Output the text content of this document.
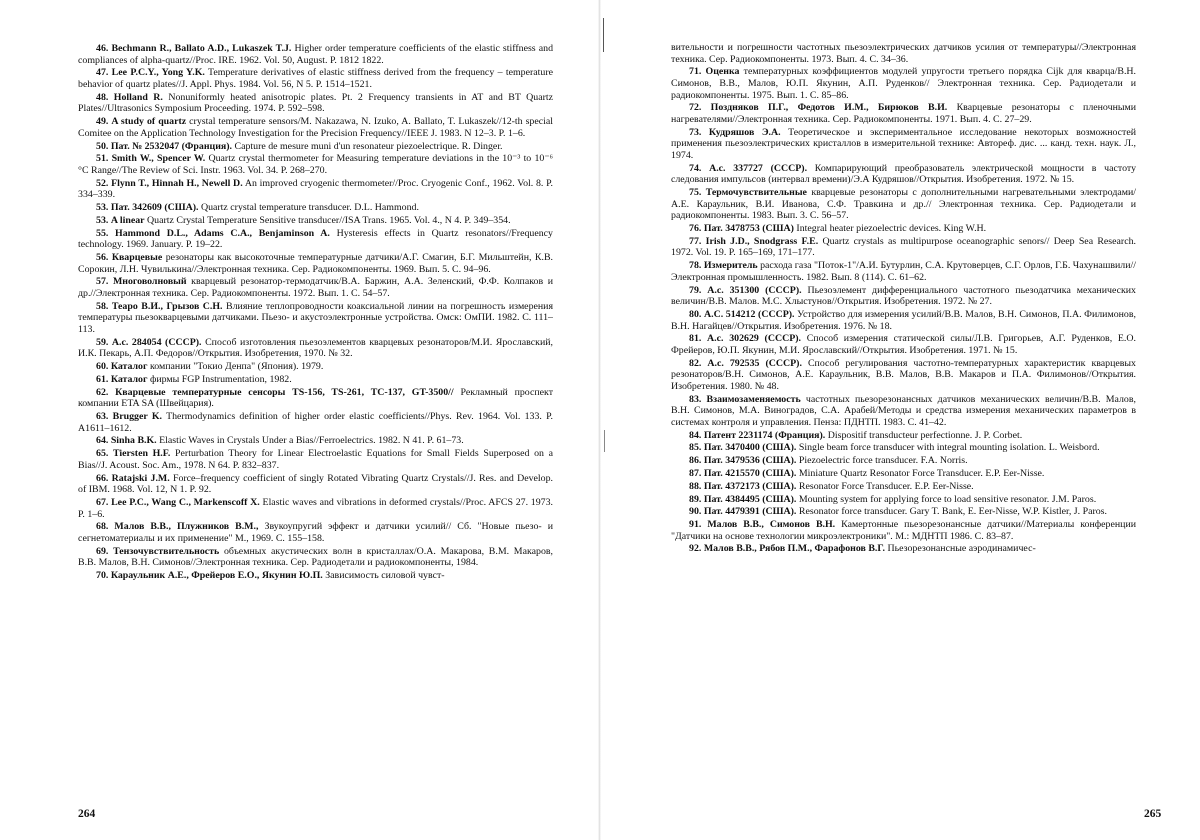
46. Bechmann R., Ballato A.D., Lukaszek T.J. Higher order temperature coefficients of the elastic stiffness and compliances of alpha-quartz//Proc. IRE. 1962. Vol. 50, August. P. 1812 1822.
47. Lee P.C.Y., Yong Y.K. Temperature derivatives of elastic stiffness derived from the frequency – temperature behavior of quartz plates//J. Appl. Phys. 1984. Vol. 56, N 5. P. 1514–1521.
48. Holland R. Nonuniformly heated anisotropic plates. Pt. 2 Frequency transients in AT and BT Quartz Plates//Ultrasonics Symposium Proceeding. 1974. P. 592–598.
49. A study of quartz crystal temperature sensors/M. Nakazawa, N. Izuko, A. Ballato, T. Lukaszek//12-th special Comitee on the Application Technology Investigation for the Precision Frequency//IEEE J. 1983. N 12–3. P. 1–6.
50. Пат. № 2532047 (Франция). Capture de mesure muni d'un resonateur piezoelectrique. R. Dinger.
51. Smith W., Spencer W. Quartz crystal thermometer for Measuring temperature deviations in the 10⁻³ to 10⁻⁶ °C Range//The Review of Sci. Instr. 1963. Vol. 34. P. 268–270.
52. Flynn T., Hinnah H., Newell D. An improved cryogenic thermometer//Proc. Cryogenic Conf., 1962. Vol. 8. P. 334–339.
53. Пат. 342609 (США). Quartz crystal temperature transducer. D.L. Hammond.
53. A linear Quartz Crystal Temperature Sensitive transducer//ISA Trans. 1965. Vol. 4., N 4. P. 349–354.
55. Hammond D.L., Adams C.A., Benjaminson A. Hysteresis effects in Quartz resonators//Frequency technology. 1969. January. P. 19–22.
56. Кварцевые резонаторы как высокоточные температурные датчики/А.Г. Смагин, Б.Г. Мильштейн, К.В. Сорокин, Л.Н. Чувилькина//Электронная техника. Сер. Радиокомпоненты. 1969. Вып. 5. С. 94–96.
57. Многоволновый кварцевый резонатор-термодатчик/В.А. Баржин, А.А. Зеленский, Ф.Ф. Колпаков и др.//Электронная техника. Сер. Радиокомпоненты. 1972. Вып. 1. С. 54–57.
58. Теаро В.И., Грызов С.Н. Влияние теплопроводности коаксиальной линии на погрешность измерения температуры пьезокварцевыми датчиками. Пьезо- и акустоэлектронные устройства. Омск: ОмПИ. 1982. С. 111–113.
59. А.с. 284054 (СССР). Способ изготовления пьезоэлементов кварцевых резонаторов/М.И. Ярославский, И.К. Пекарь, А.П. Федоров//Открытия. Изобретения, 1970. № 32.
60. Каталог компании "Токио Денпа" (Япония). 1979.
61. Каталог фирмы FGP Instrumentation, 1982.
62. Кварцевые температурные сенсоры TS-156, TS-261, TC-137, GT-3500// Рекламный проспект компании ETA SA (Швейцария).
63. Brugger K. Thermodynamics definition of higher order elastic coefficients//Phys. Rev. 1964. Vol. 133. P. A1611–1612.
64. Sinha B.K. Elastic Waves in Crystals Under a Bias//Ferroelectrics. 1982. N 41. P. 61–73.
65. Tiersten H.F. Perturbation Theory for Linear Electroelastic Equations for Small Fields Superposed on a Bias//J. Acoust. Soc. Am., 1978. N 64. P. 832–837.
66. Ratajski J.M. Force–frequency coefficient of singly Rotated Vibrating Quartz Crystals//J. Res. and Develop. of IBM. 1968. Vol. 12, N 1. P. 92.
67. Lee P.C., Wang C., Markenscoff X. Elastic waves and vibrations in deformed crystals//Proc. AFCS 27. 1973. P. 1–6.
68. Малов В.В., Плужников В.М., Звукоупругий эффект и датчики усилий// Сб. "Новые пьезо- и сегнетоматериалы и их применение" М., 1969. С. 155–158.
69. Тензочувствительность объемных акустических волн в кристаллах/О.А. Макарова, В.М. Макаров, В.В. Малов, В.Н. Симонов//Электронная техника. Сер. Радиодетали и радиокомпоненты, 1984.
70. Караульник А.Е., Фрейеров Е.О., Якунин Ю.П. Зависимость силовой чувст-
264
вительности и погрешности частотных пьезоэлектрических датчиков усилия от температуры//Электронная техника. Сер. Радиокомпоненты. 1973. Вып. 4. С. 34–36.
71. Оценка температурных коэффициентов модулей упругости третьего порядка Cijk для кварца/В.Н. Симонов, В.В., Малов, Ю.П. Якунин, А.П. Руденков// Электронная техника. Сер. Радиодетали и радиокомпоненты. 1975. Вып. 1. С. 85–86.
72. Поздняков П.Г., Федотов И.М., Бирюков В.И. Кварцевые резонаторы с пленочными нагревателями//Электронная техника. Сер. Радиокомпоненты. 1971. Вып. 4. С. 27–29.
73. Кудряшов Э.А. Теоретическое и экспериментальное исследование некоторых возможностей применения пьезоэлектрических кристаллов в измерительной технике: Автореф. дис. ... канд. техн. наук. Л., 1974.
74. А.с. 337727 (СССР). Компарирующий преобразователь электрической мощности в частоту следования импульсов (интервал времени)/Э.А Кудряшов//Открытия. Изобретения. 1972. № 15.
75. Термочувствительные кварцевые резонаторы с дополнительными нагревательными электродами/А.Е. Караульник, В.И. Иванова, С.Ф. Травкина и др.// Электронная техника. Сер. Радиодетали и радиокомпоненты. 1983. Вып. 3. С. 56–57.
76. Пат. 3478753 (США) Integral heater piezoelectric devices. King W.H.
77. Irish J.D., Snodgrass F.E. Quartz crystals as multipurpose oceanographic senors// Deep Sea Research. 1972. Vol. 19. P. 165–169, 171–177.
78. Измеритель расхода газа "Поток-1"/А.И. Бутурлин, С.А. Крутоверцев, С.Г. Орлов, Г.Б. Чахунашвили//Электронная промышленность. 1982. Вып. 8 (114). С. 61–62.
79. А.с. 351300 (СССР). Пьезоэлемент дифференциального частотного пьезодатчика механических величин/В.В. Малов. М.С. Хлыстунов//Открытия. Изобретения. 1972. № 27.
80. А.С. 514212 (СССР). Устройство для измерения усилий/В.В. Малов, В.Н. Симонов, П.А. Филимонов, В.Н. Нагайцев//Открытия. Изобретения. 1976. № 18.
81. А.с. 302629 (СССР). Способ измерения статической силы/Л.В. Григорьев, А.Г. Руденков, Е.О. Фрейеров, Ю.П. Якунин, М.И. Ярославский//Открытия. Изобретения. 1971. № 15.
82. А.с. 792535 (СССР). Способ регулирования частотно-температурных характеристик кварцевых резонаторов/В.Н. Симонов, А.Е. Караульник, В.В. Малов, В.В. Макаров и П.А. Филимонов//Открытия. Изобретения. 1980. № 48.
83. Взаимозаменяемость частотных пьезорезонансных датчиков механических величин/В.В. Малов, В.Н. Симонов, М.А. Виноградов, С.А. Арабей/Методы и средства измерения механических параметров в системах контроля и управления. Пенза: ПДНТП. 1983. С. 41–42.
84. Патент 2231174 (Франция). Dispositif transducteur perfectionne. J. P. Corbet.
85. Пат. 3470400 (США). Single beam force transducer with integral mounting isolation. L. Weisbord.
86. Пат. 3479536 (США). Piezoelectric force transducer. F.A. Norris.
87. Пат. 4215570 (США). Miniature Quartz Resonator Force Transducer. E.P. Eer-Nisse.
88. Пат. 4372173 (США). Resonator Force Transducer. E.P. Eer-Nisse.
89. Пат. 4384495 (США). Mounting system for applying force to load sensitive resonator. J.M. Paros.
90. Пат. 4479391 (США). Resonator force transducer. Gary T. Bank, E. Eer-Nisse, W.P. Kistler, J. Paros.
91. Малов В.В., Симонов В.Н. Камертонные пьезорезонансные датчики//Материалы конференции "Датчики на основе технологии микроэлектроники". М.: МДНТП 1986. С. 83–87.
92. Малов В.В., Рябов П.М., Фарафонов В.Г. Пьезорезонансные аэродинамичес-
265
